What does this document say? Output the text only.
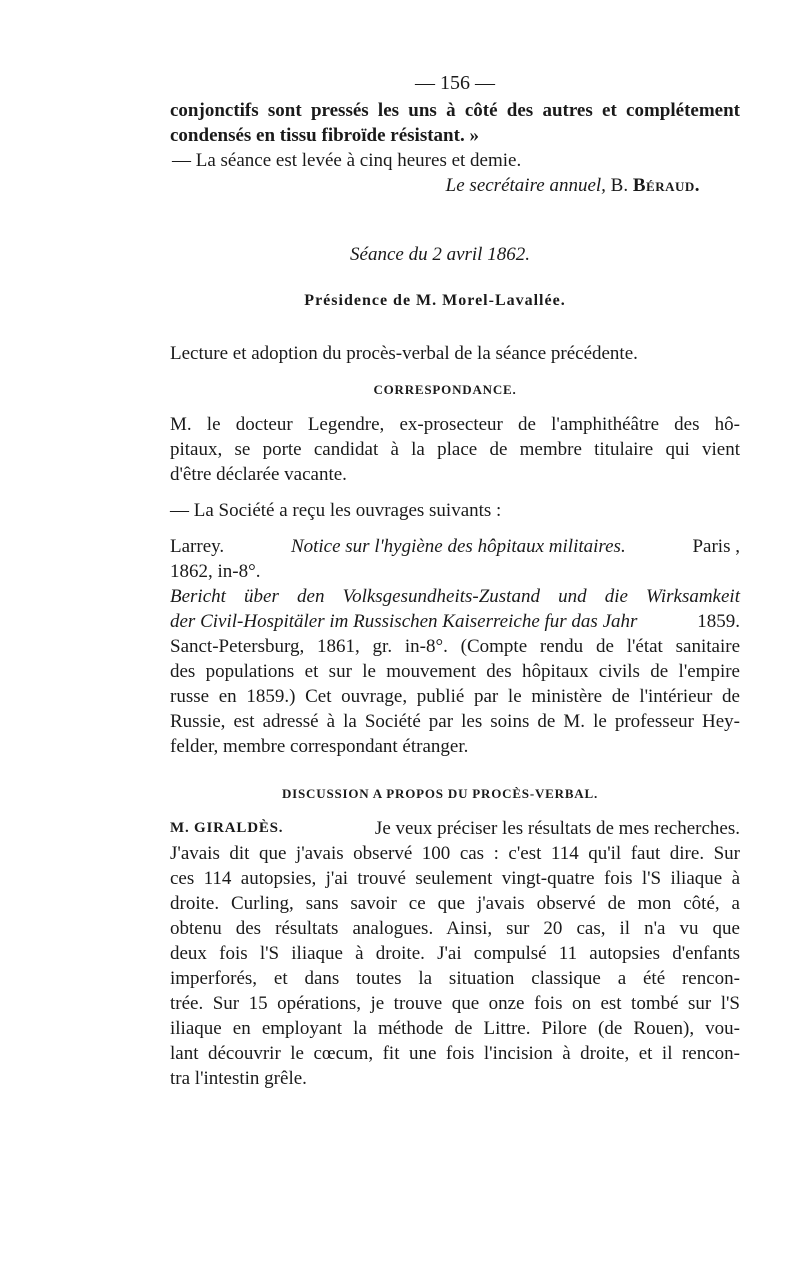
— 156 —
conjonctifs sont pressés les uns à côté des autres et complétement
condensés en tissu fibroïde résistant. »
— La séance est levée à cinq heures et demie.
Le secrétaire annuel, B. Béraud.
Séance du 2 avril 1862.
Présidence de M. Morel-Lavallée.
Lecture et adoption du procès-verbal de la séance précédente.
CORRESPONDANCE.
M. le docteur Legendre, ex-prosecteur de l'amphithéâtre des hô-
pitaux, se porte candidat à la place de membre titulaire qui vient
d'être déclarée vacante.
— La Société a reçu les ouvrages suivants :
Larrey.	Notice sur l'hygiène des hôpitaux militaires.	Paris ,
1862, in-8°.
Bericht über den Volksgesundheits-Zustand und die Wirksamkeit
der Civil-Hospitäler im Russischen Kaiserreiche fur das Jahr	1859.
Sanct-Petersburg, 1861, gr. in-8°. (Compte rendu de l'état sanitaire
des populations et sur le mouvement des hôpitaux civils de l'empire
russe en 1859.) Cet ouvrage, publié par le ministère de l'intérieur de
Russie, est adressé à la Société par les soins de M. le professeur Hey-
felder, membre correspondant étranger.
DISCUSSION A PROPOS DU PROCÈS-VERBAL.
M. GIRALDÈS.	Je veux préciser les résultats de mes recherches.
J'avais dit que j'avais observé 100 cas : c'est 114 qu'il faut dire. Sur
ces 114 autopsies, j'ai trouvé seulement vingt-quatre fois l'S iliaque à
droite. Curling, sans savoir ce que j'avais observé de mon côté, a
obtenu des résultats analogues. Ainsi, sur 20 cas, il n'a vu que
deux fois l'S iliaque à droite. J'ai compulsé 11 autopsies d'enfants
imperforés, et dans toutes la situation classique a été rencon-
trée. Sur 15 opérations, je trouve que onze fois on est tombé sur l'S
iliaque en employant la méthode de Littre. Pilore (de Rouen), vou-
lant découvrir le cœcum, fit une fois l'incision à droite, et il rencon-
tra l'intestin grêle.
